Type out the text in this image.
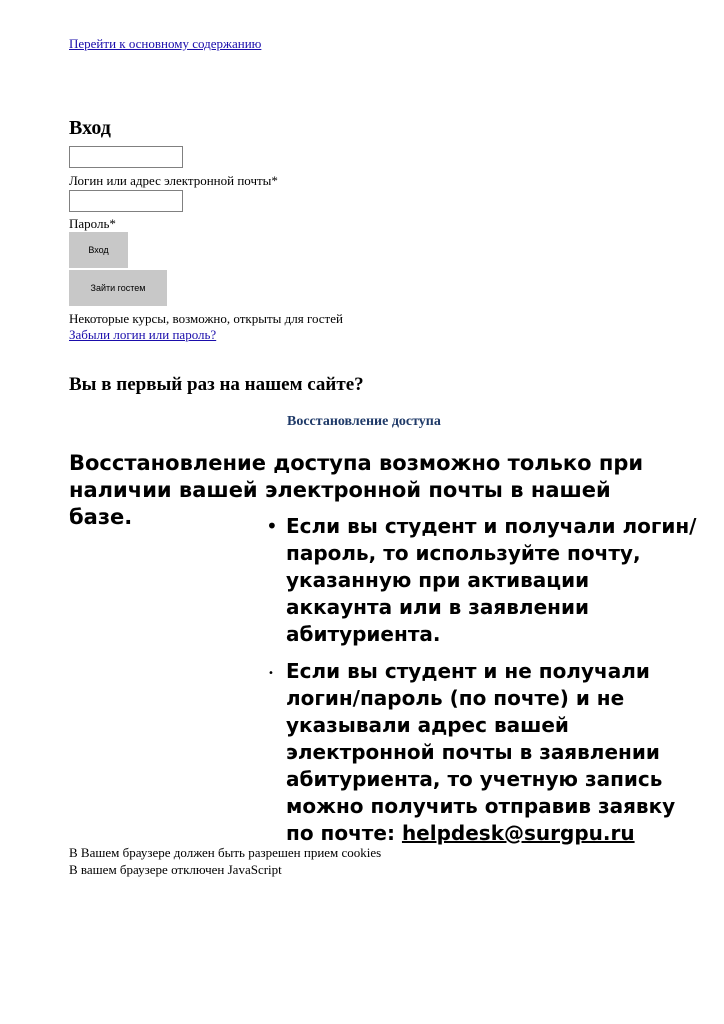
Перейти к основному содержанию
Вход
Логин или адрес электронной почты*
Пароль*
Вход
Зайти гостем
Некоторые курсы, возможно, открыты для гостей
Забыли логин или пароль?
Вы в первый раз на нашем сайте?
Восстановление доступа

Восстановление доступа возможно только при наличии вашей электронной почты в нашей базе.	• Если вы студент и получали логин/пароль, то используйте почту, указанную при активации аккаунта или в заявлении абитуриента.
• Если вы студент и не получали логин/пароль (по почте) и не указывали адрес вашей электронной почты в заявлении абитуриента, то учетную запись можно получить отправив заявку по почте: helpdesk@surgpu.ru
В Вашем браузере должен быть разрешен прием cookies
В вашем браузере отключен JavaScript
